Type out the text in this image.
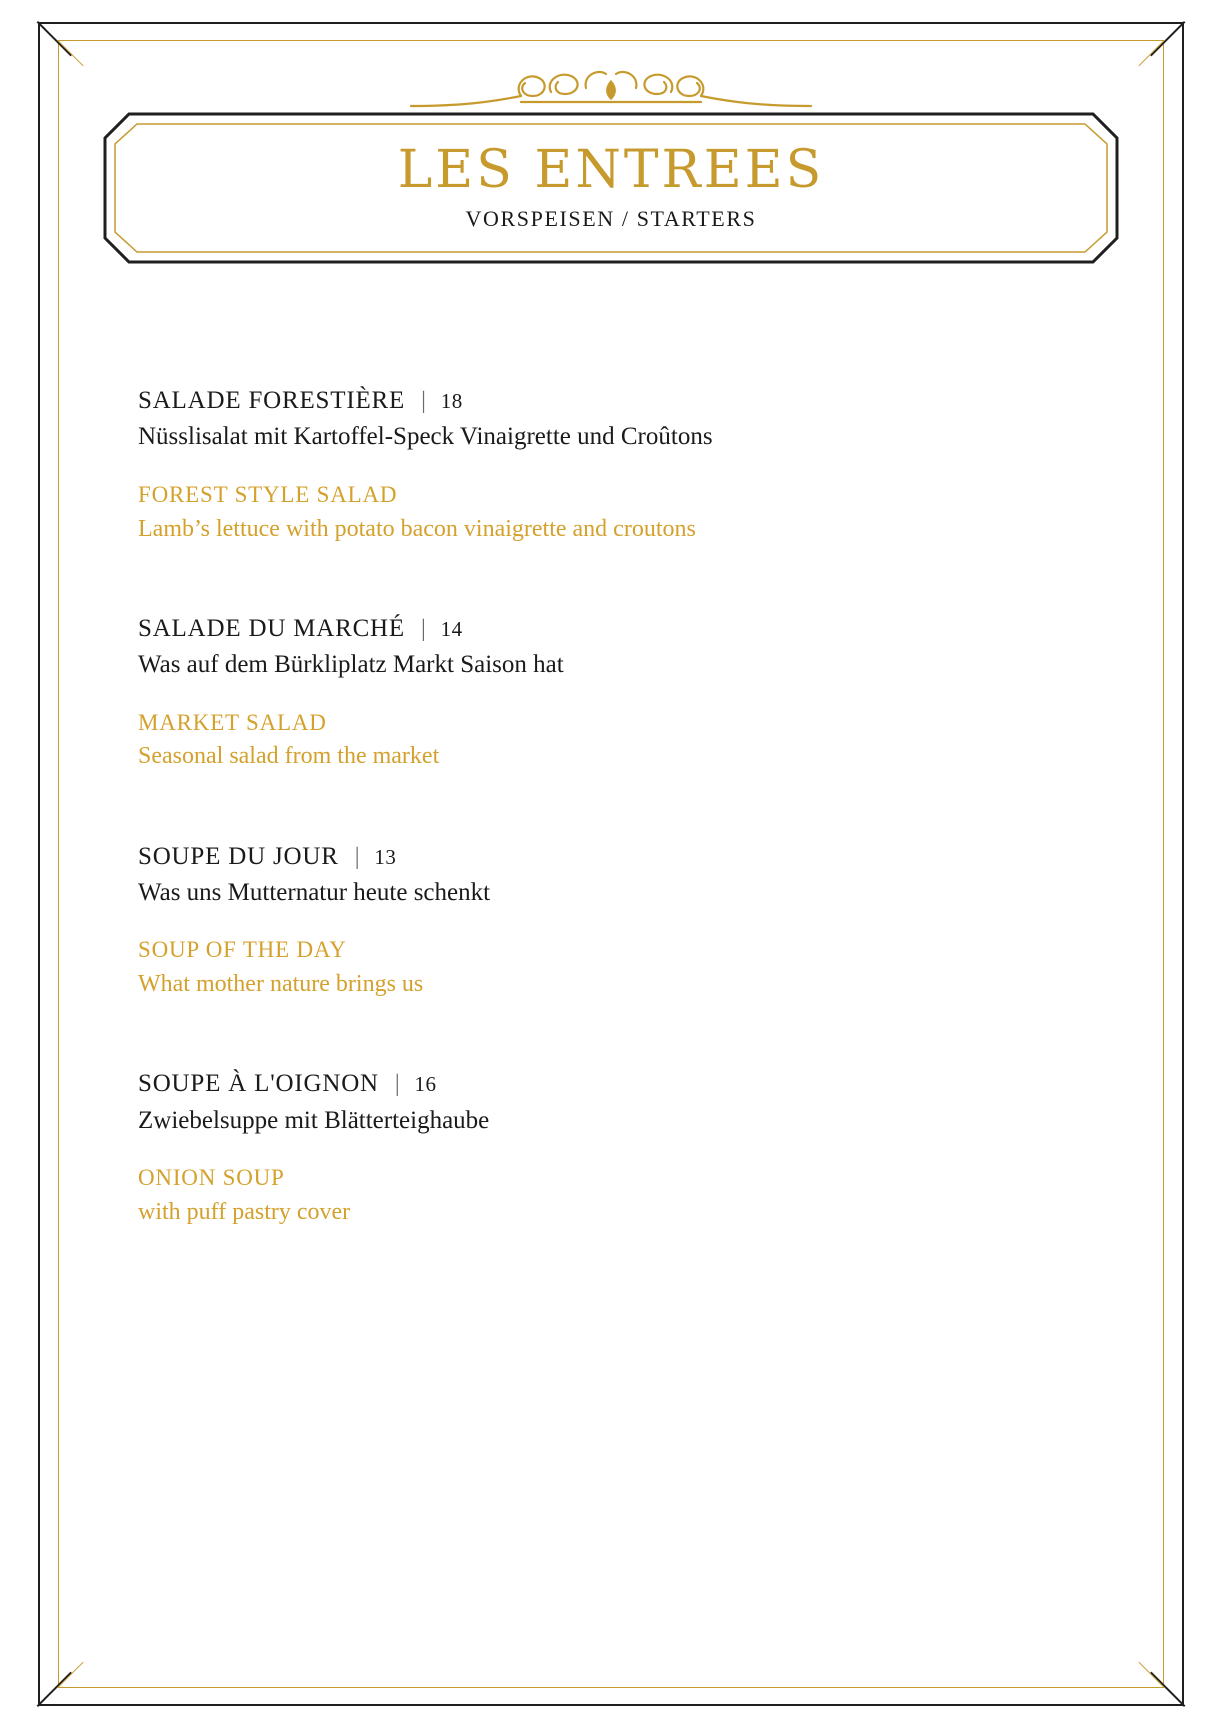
LES ENTREES
VORSPEISEN / STARTERS
SALADE FORESTIÈRE | 18
Nüsslisalat mit Kartoffel-Speck Vinaigrette und Croûtons
FOREST STYLE SALAD
Lamb’s lettuce with potato bacon vinaigrette and croutons
SALADE DU MARCHÉ | 14
Was auf dem Bürkliplatz Markt Saison hat
MARKET SALAD
Seasonal salad from the market
SOUPE DU JOUR | 13
Was uns Mutternatur heute schenkt
SOUP OF THE DAY
What mother nature brings us
SOUPE À L'OIGNON | 16
Zwiebelsuppe mit Blätterteighaube
ONION SOUP
with puff pastry cover
